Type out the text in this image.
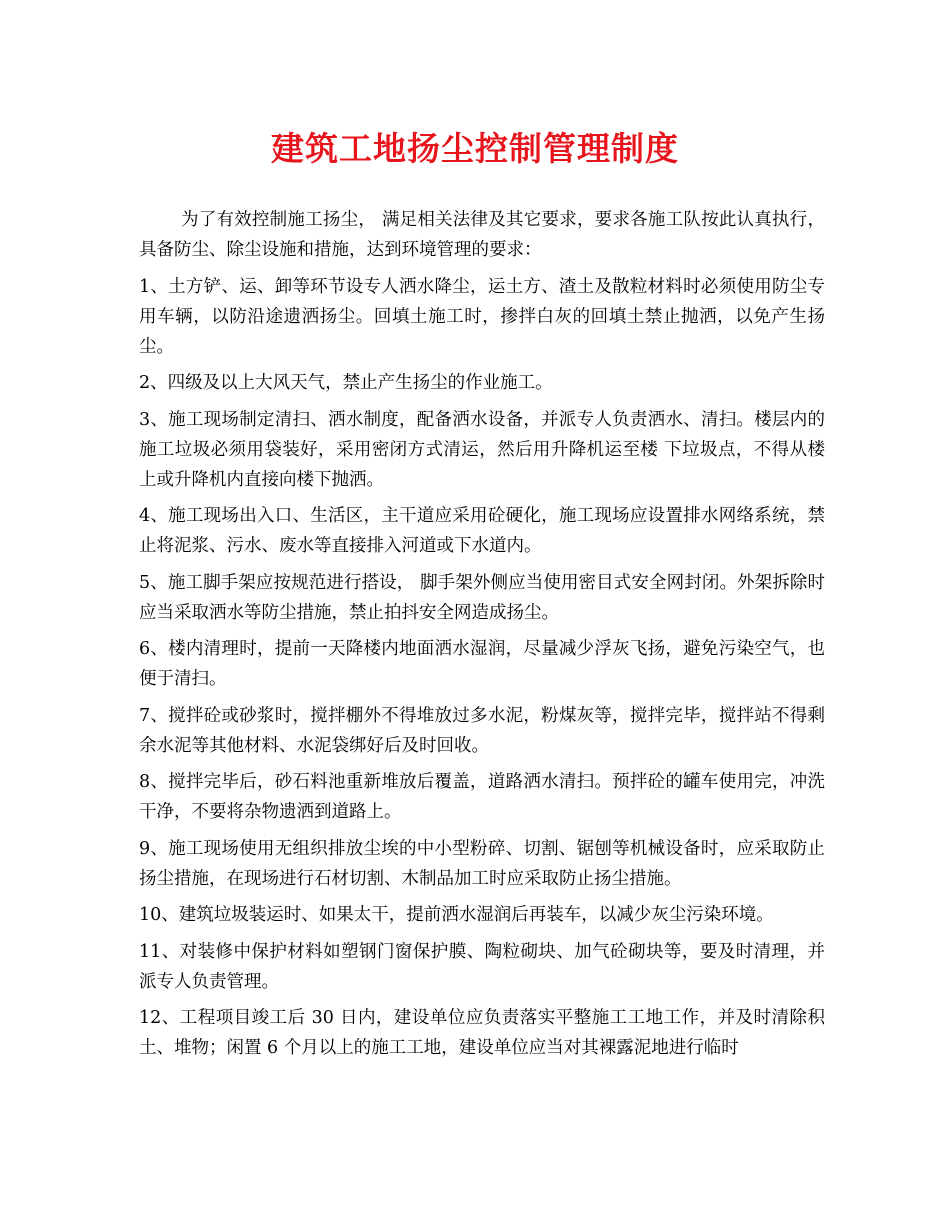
建筑工地扬尘控制管理制度

为了有效控制施工扬尘， 满足相关法律及其它要求，要求各施工队按此认真执行，具备防尘、除尘设施和措施，达到环境管理的要求：

1、土方铲、运、卸等环节设专人洒水降尘，运土方、渣土及散粒材料时必须使用防尘专用车辆，以防沿途遗洒扬尘。回填土施工时，掺拌白灰的回填土禁止抛洒，以免产生扬尘。

2、四级及以上大风天气，禁止产生扬尘的作业施工。

3、施工现场制定清扫、洒水制度，配备洒水设备，并派专人负责洒水、清扫。楼层内的施工垃圾必须用袋装好，采用密闭方式清运，然后用升降机运至楼 下垃圾点，不得从楼上或升降机内直接向楼下抛洒。

4、施工现场出入口、生活区，主干道应采用砼硬化，施工现场应设置排水网络系统，禁止将泥浆、污水、废水等直接排入河道或下水道内。

5、施工脚手架应按规范进行搭设， 脚手架外侧应当使用密目式安全网封闭。外架拆除时应当采取洒水等防尘措施，禁止拍抖安全网造成扬尘。

6、楼内清理时，提前一天降楼内地面洒水湿润，尽量减少浮灰飞扬，避免污染空气，也便于清扫。

7、搅拌砼或砂浆时，搅拌棚外不得堆放过多水泥，粉煤灰等，搅拌完毕，搅拌站不得剩余水泥等其他材料、水泥袋绑好后及时回收。

8、搅拌完毕后，砂石料池重新堆放后覆盖，道路洒水清扫。预拌砼的罐车使用完，冲洗干净，不要将杂物遗洒到道路上。

9、施工现场使用无组织排放尘埃的中小型粉碎、切割、锯刨等机械设备时，应采取防止扬尘措施，在现场进行石材切割、木制品加工时应采取防止扬尘措施。

10、建筑垃圾装运时、如果太干，提前洒水湿润后再装车，以减少灰尘污染环境。

11、对装修中保护材料如塑钢门窗保护膜、陶粒砌块、加气砼砌块等，要及时清理，并派专人负责管理。

12、工程项目竣工后 30 日内，建设单位应负责落实平整施工工地工作，并及时清除积土、堆物；闲置 6 个月以上的施工工地，建设单位应当对其裸露泥地进行临时
